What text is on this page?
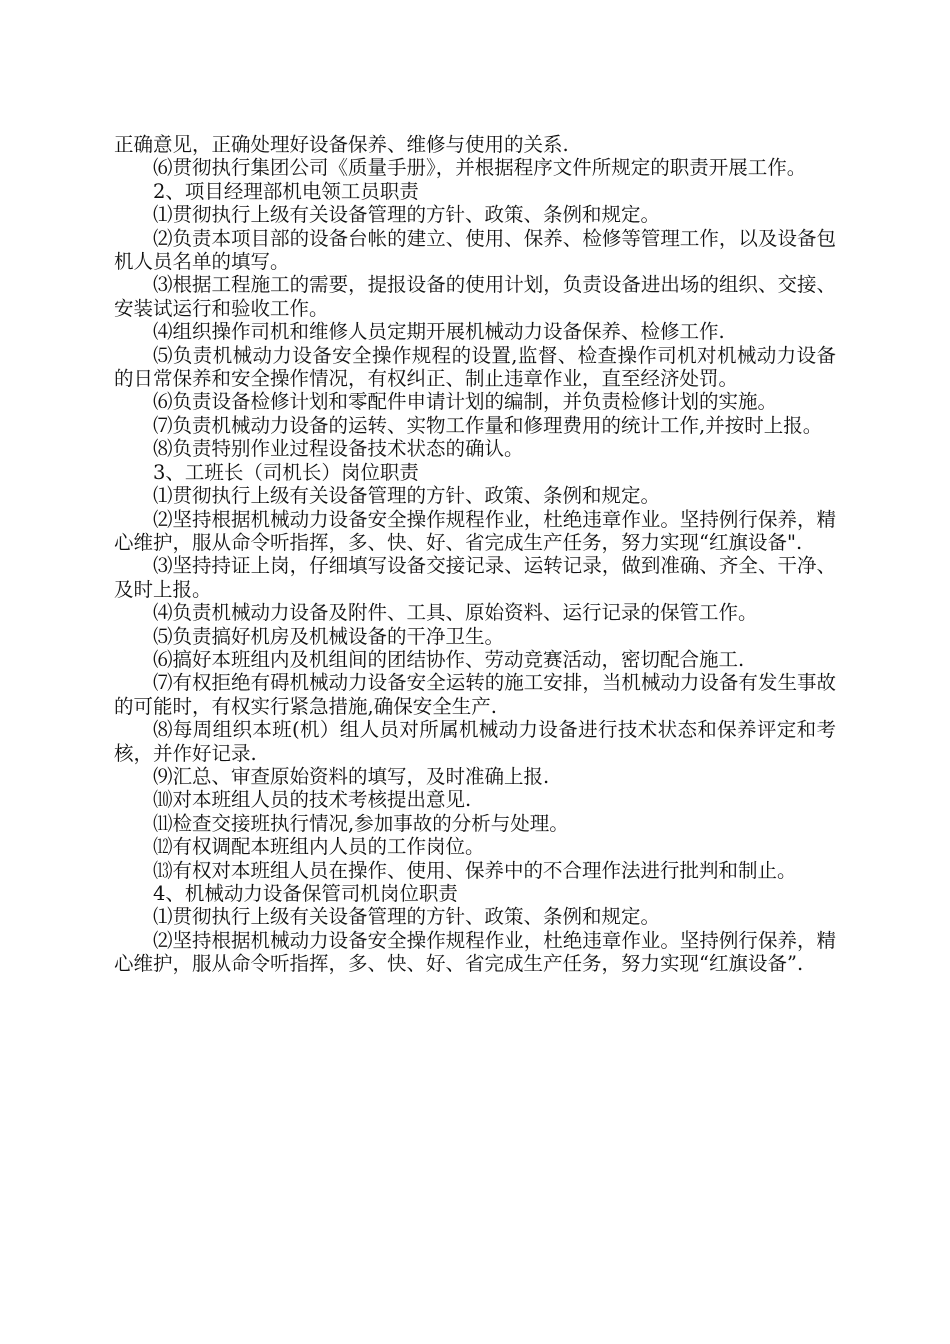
正确意见，正确处理好设备保养、维修与使用的关系.

⑹贯彻执行集团公司《质量手册》，并根据程序文件所规定的职责开展工作。

2、项目经理部机电领工员职责

⑴贯彻执行上级有关设备管理的方针、政策、条例和规定。

⑵负责本项目部的设备台帐的建立、使用、保养、检修等管理工作，以及设备包机人员名单的填写。

⑶根据工程施工的需要，提报设备的使用计划，负责设备进出场的组织、交接、安装试运行和验收工作。

⑷组织操作司机和维修人员定期开展机械动力设备保养、检修工作.

⑸负责机械动力设备安全操作规程的设置,监督、检查操作司机对机械动力设备的日常保养和安全操作情况，有权纠正、制止违章作业，直至经济处罚。

⑹负责设备检修计划和零配件申请计划的编制，并负责检修计划的实施。

⑺负责机械动力设备的运转、实物工作量和修理费用的统计工作,并按时上报。

⑻负责特别作业过程设备技术状态的确认。

3、工班长（司机长）岗位职责

⑴贯彻执行上级有关设备管理的方针、政策、条例和规定。

⑵坚持根据机械动力设备安全操作规程作业，杜绝违章作业。坚持例行保养，精心维护，服从命令听指挥，多、快、好、省完成生产任务，努力实现“红旗设备".

⑶坚持持证上岗，仔细填写设备交接记录、运转记录，做到准确、齐全、干净、及时上报。

⑷负责机械动力设备及附件、工具、原始资料、运行记录的保管工作。

⑸负责搞好机房及机械设备的干净卫生。

⑹搞好本班组内及机组间的团结协作、劳动竞赛活动，密切配合施工.

⑺有权拒绝有碍机械动力设备安全运转的施工安排，当机械动力设备有发生事故的可能时，有权实行紧急措施,确保安全生产.

⑻每周组织本班(机）组人员对所属机械动力设备进行技术状态和保养评定和考核，并作好记录.

⑼汇总、审查原始资料的填写，及时准确上报.

⑽对本班组人员的技术考核提出意见.

⑾检查交接班执行情况,参加事故的分析与处理。

⑿有权调配本班组内人员的工作岗位。

⒀有权对本班组人员在操作、使用、保养中的不合理作法进行批判和制止。

4、机械动力设备保管司机岗位职责

⑴贯彻执行上级有关设备管理的方针、政策、条例和规定。

⑵坚持根据机械动力设备安全操作规程作业，杜绝违章作业。坚持例行保养，精心维护，服从命令听指挥，多、快、好、省完成生产任务，努力实现“红旗设备”.
